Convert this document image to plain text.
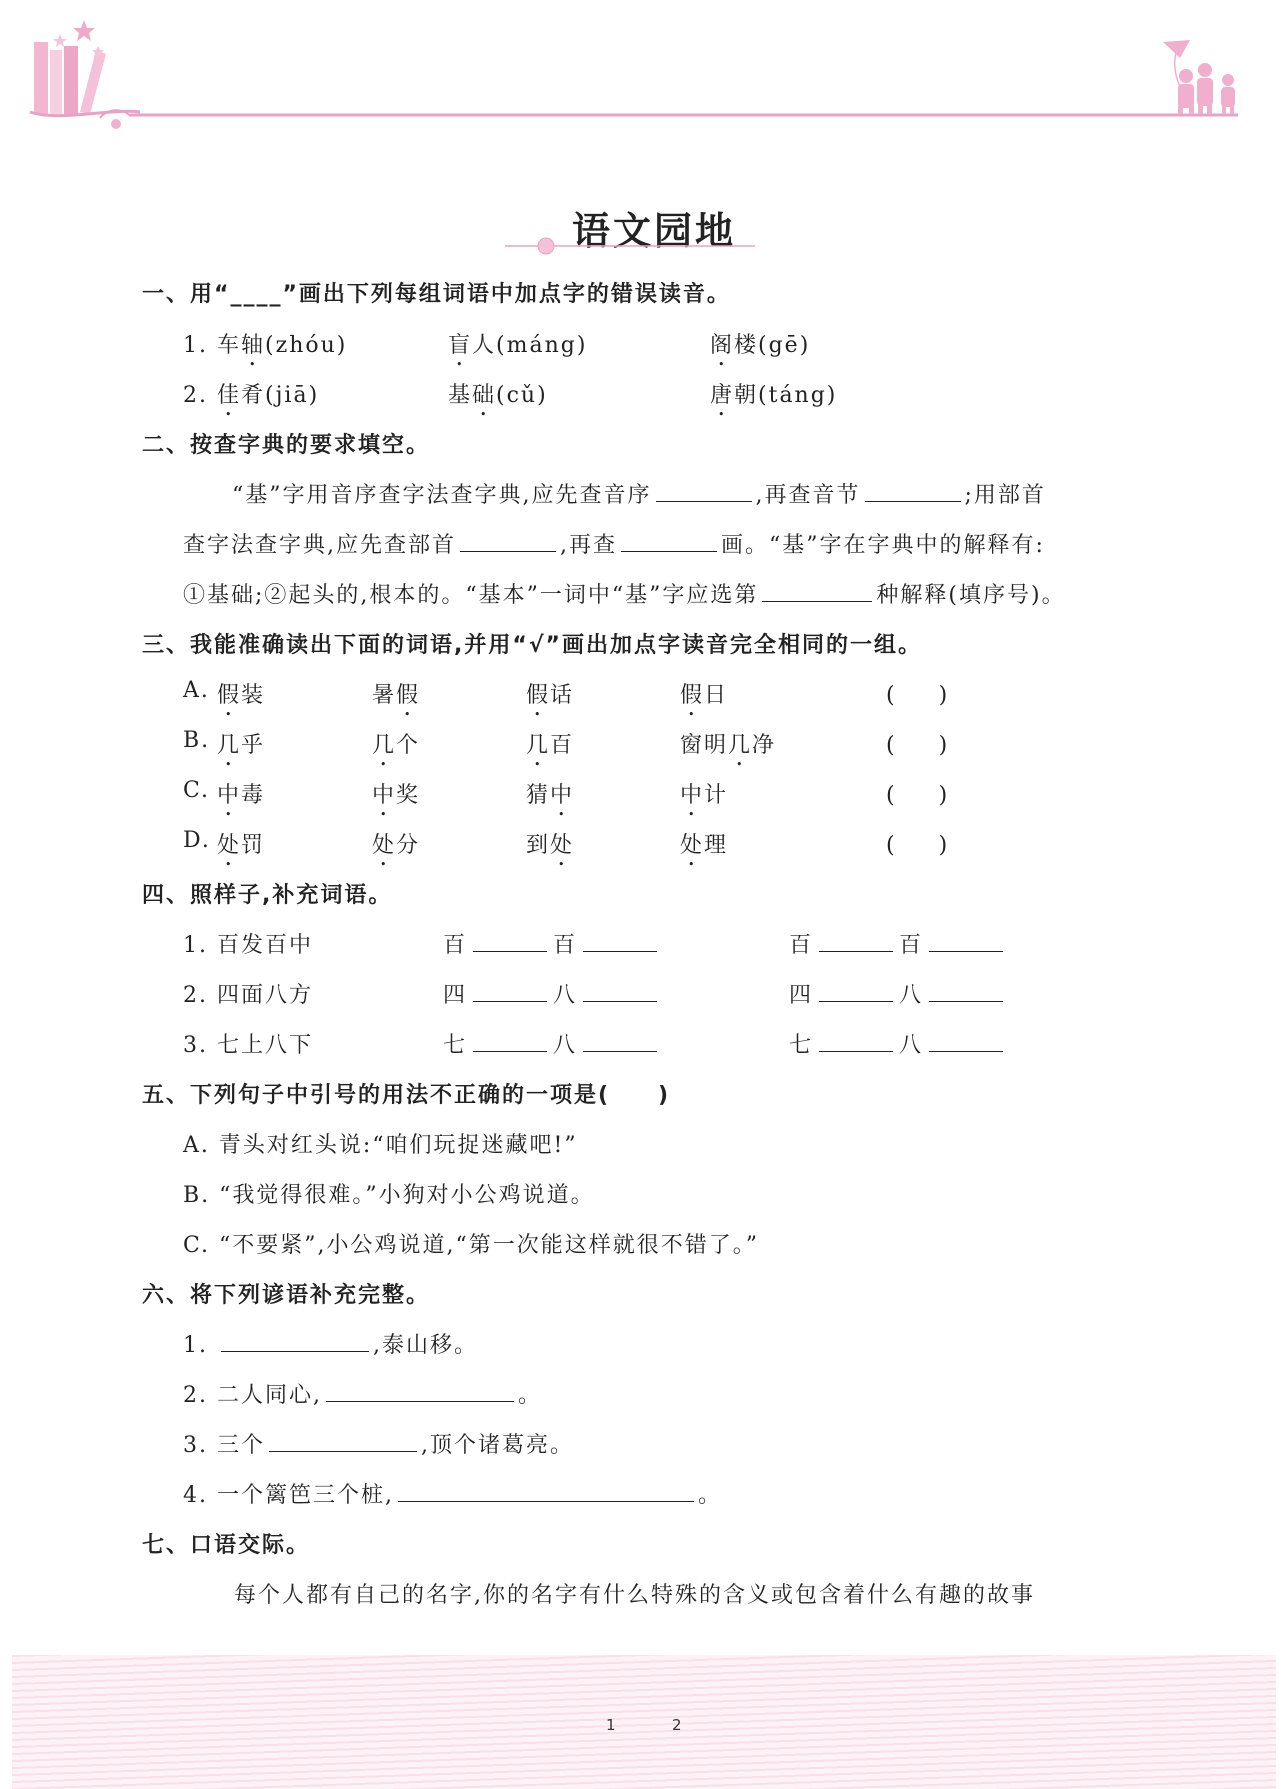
语文园地
一、用“____”画出下列每组词语中加点字的错误读音。
1. 车轴(zhóu)	盲人(máng)	阁楼(gē)
2. 佳肴(jiā)	基础(cǔ)	唐朝(táng)
二、按查字典的要求填空。
“基”字用音序查字法查字典,应先查音序	,再查音节	;用部首
查字法查字典,应先查部首	,再查	画。“基”字在字典中的解释有:
①基础;②起头的,根本的。“基本”一词中“基”字应选第	种解释(填序号)。
三、我能准确读出下面的词语,并用“√”画出加点字读音完全相同的一组。
A. 假装	暑假	假话	假日	(　　)
B. 几乎	几个	几百	窗明几净	(　　)
C. 中毒	中奖	猜中	中计	(　　)
D. 处罚	处分	到处	处理	(　　)
四、照样子,补充词语。
1. 百发百中	百	百	百	百
2. 四面八方	四	八	四	八
3. 七上八下	七	八	七	八
五、下列句子中引号的用法不正确的一项是(　　)
A. 青头对红头说:“咱们玩捉迷藏吧!”
B. “我觉得很难。”小狗对小公鸡说道。
C. “不要紧”,小公鸡说道,“第一次能这样就很不错了。”
六、将下列谚语补充完整。
1.	,泰山移。
2. 二人同心,	。
3. 三个	,顶个诸葛亮。
4. 一个篱笆三个桩,	。
七、口语交际。
每个人都有自己的名字,你的名字有什么特殊的含义或包含着什么有趣的故事
1	2
